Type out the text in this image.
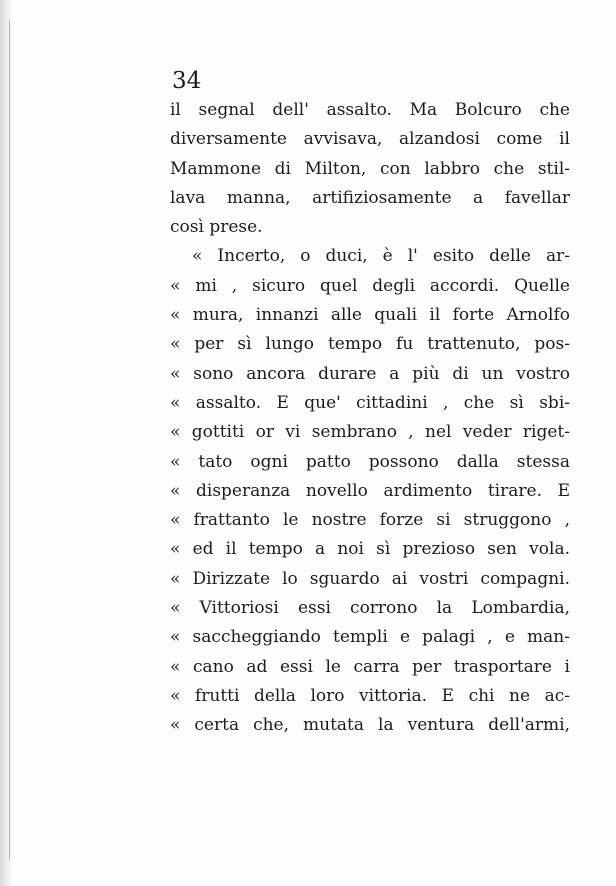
34
il segnal dell' assalto. Ma Bolcuro che
diversamente avvisava, alzandosi come il
Mammone di Milton, con labbro che stil-
lava manna, artifiziosamente a favellar
così prese.
« Incerto, o duci, è l' esito delle ar-
« mi , sicuro quel degli accordi. Quelle
« mura, innanzi alle quali il forte Arnolfo
« per sì lungo tempo fu trattenuto, pos-
« sono ancora durare a più di un vostro
« assalto. E que' cittadini , che sì sbi-
« gottiti or vi sembrano , nel veder riget-
« tato ogni patto possono dalla stessa
« disperanza novello ardimento tirare. E
« frattanto le nostre forze si struggono ,
« ed il tempo a noi sì prezioso sen vola.
« Dirizzate lo sguardo ai vostri compagni.
« Vittoriosi essi corrono la Lombardia,
« saccheggiando templi e palagi , e man-
« cano ad essi le carra per trasportare i
« frutti della loro vittoria. E chi ne ac-
« certa che, mutata la ventura dell'armi,
